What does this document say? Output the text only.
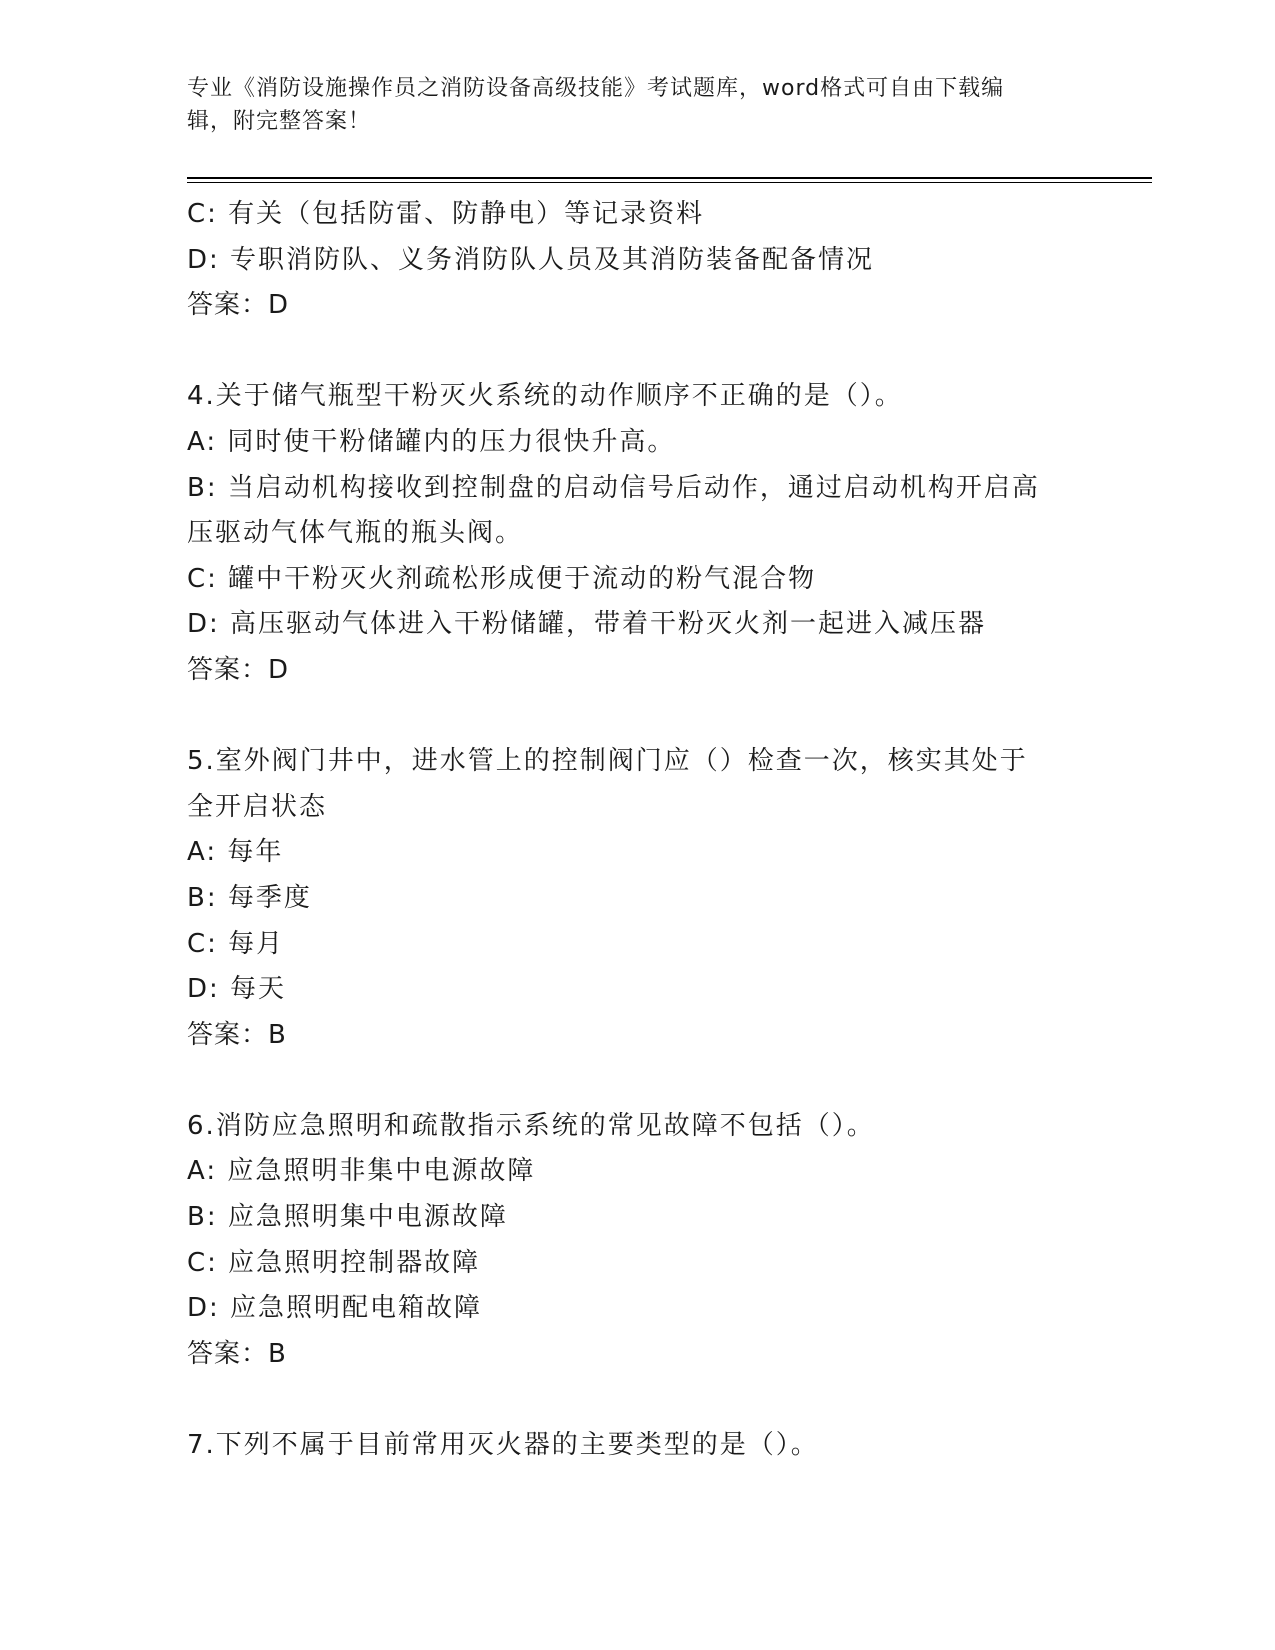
专业《消防设施操作员之消防设备高级技能》考试题库，word格式可自由下载编
辑，附完整答案！
C: 有关（包括防雷、防静电）等记录资料
D: 专职消防队、义务消防队人员及其消防装备配备情况
答案：D
4.关于储气瓶型干粉灭火系统的动作顺序不正确的是（）。
A: 同时使干粉储罐内的压力很快升高。
B: 当启动机构接收到控制盘的启动信号后动作，通过启动机构开启高
压驱动气体气瓶的瓶头阀。
C: 罐中干粉灭火剂疏松形成便于流动的粉气混合物
D: 高压驱动气体进入干粉储罐，带着干粉灭火剂一起进入减压器
答案：D
5.室外阀门井中，进水管上的控制阀门应（）检查一次，核实其处于
全开启状态
A: 每年
B: 每季度
C: 每月
D: 每天
答案：B
6.消防应急照明和疏散指示系统的常见故障不包括（）。
A: 应急照明非集中电源故障
B: 应急照明集中电源故障
C: 应急照明控制器故障
D: 应急照明配电箱故障
答案：B
7.下列不属于目前常用灭火器的主要类型的是（）。
